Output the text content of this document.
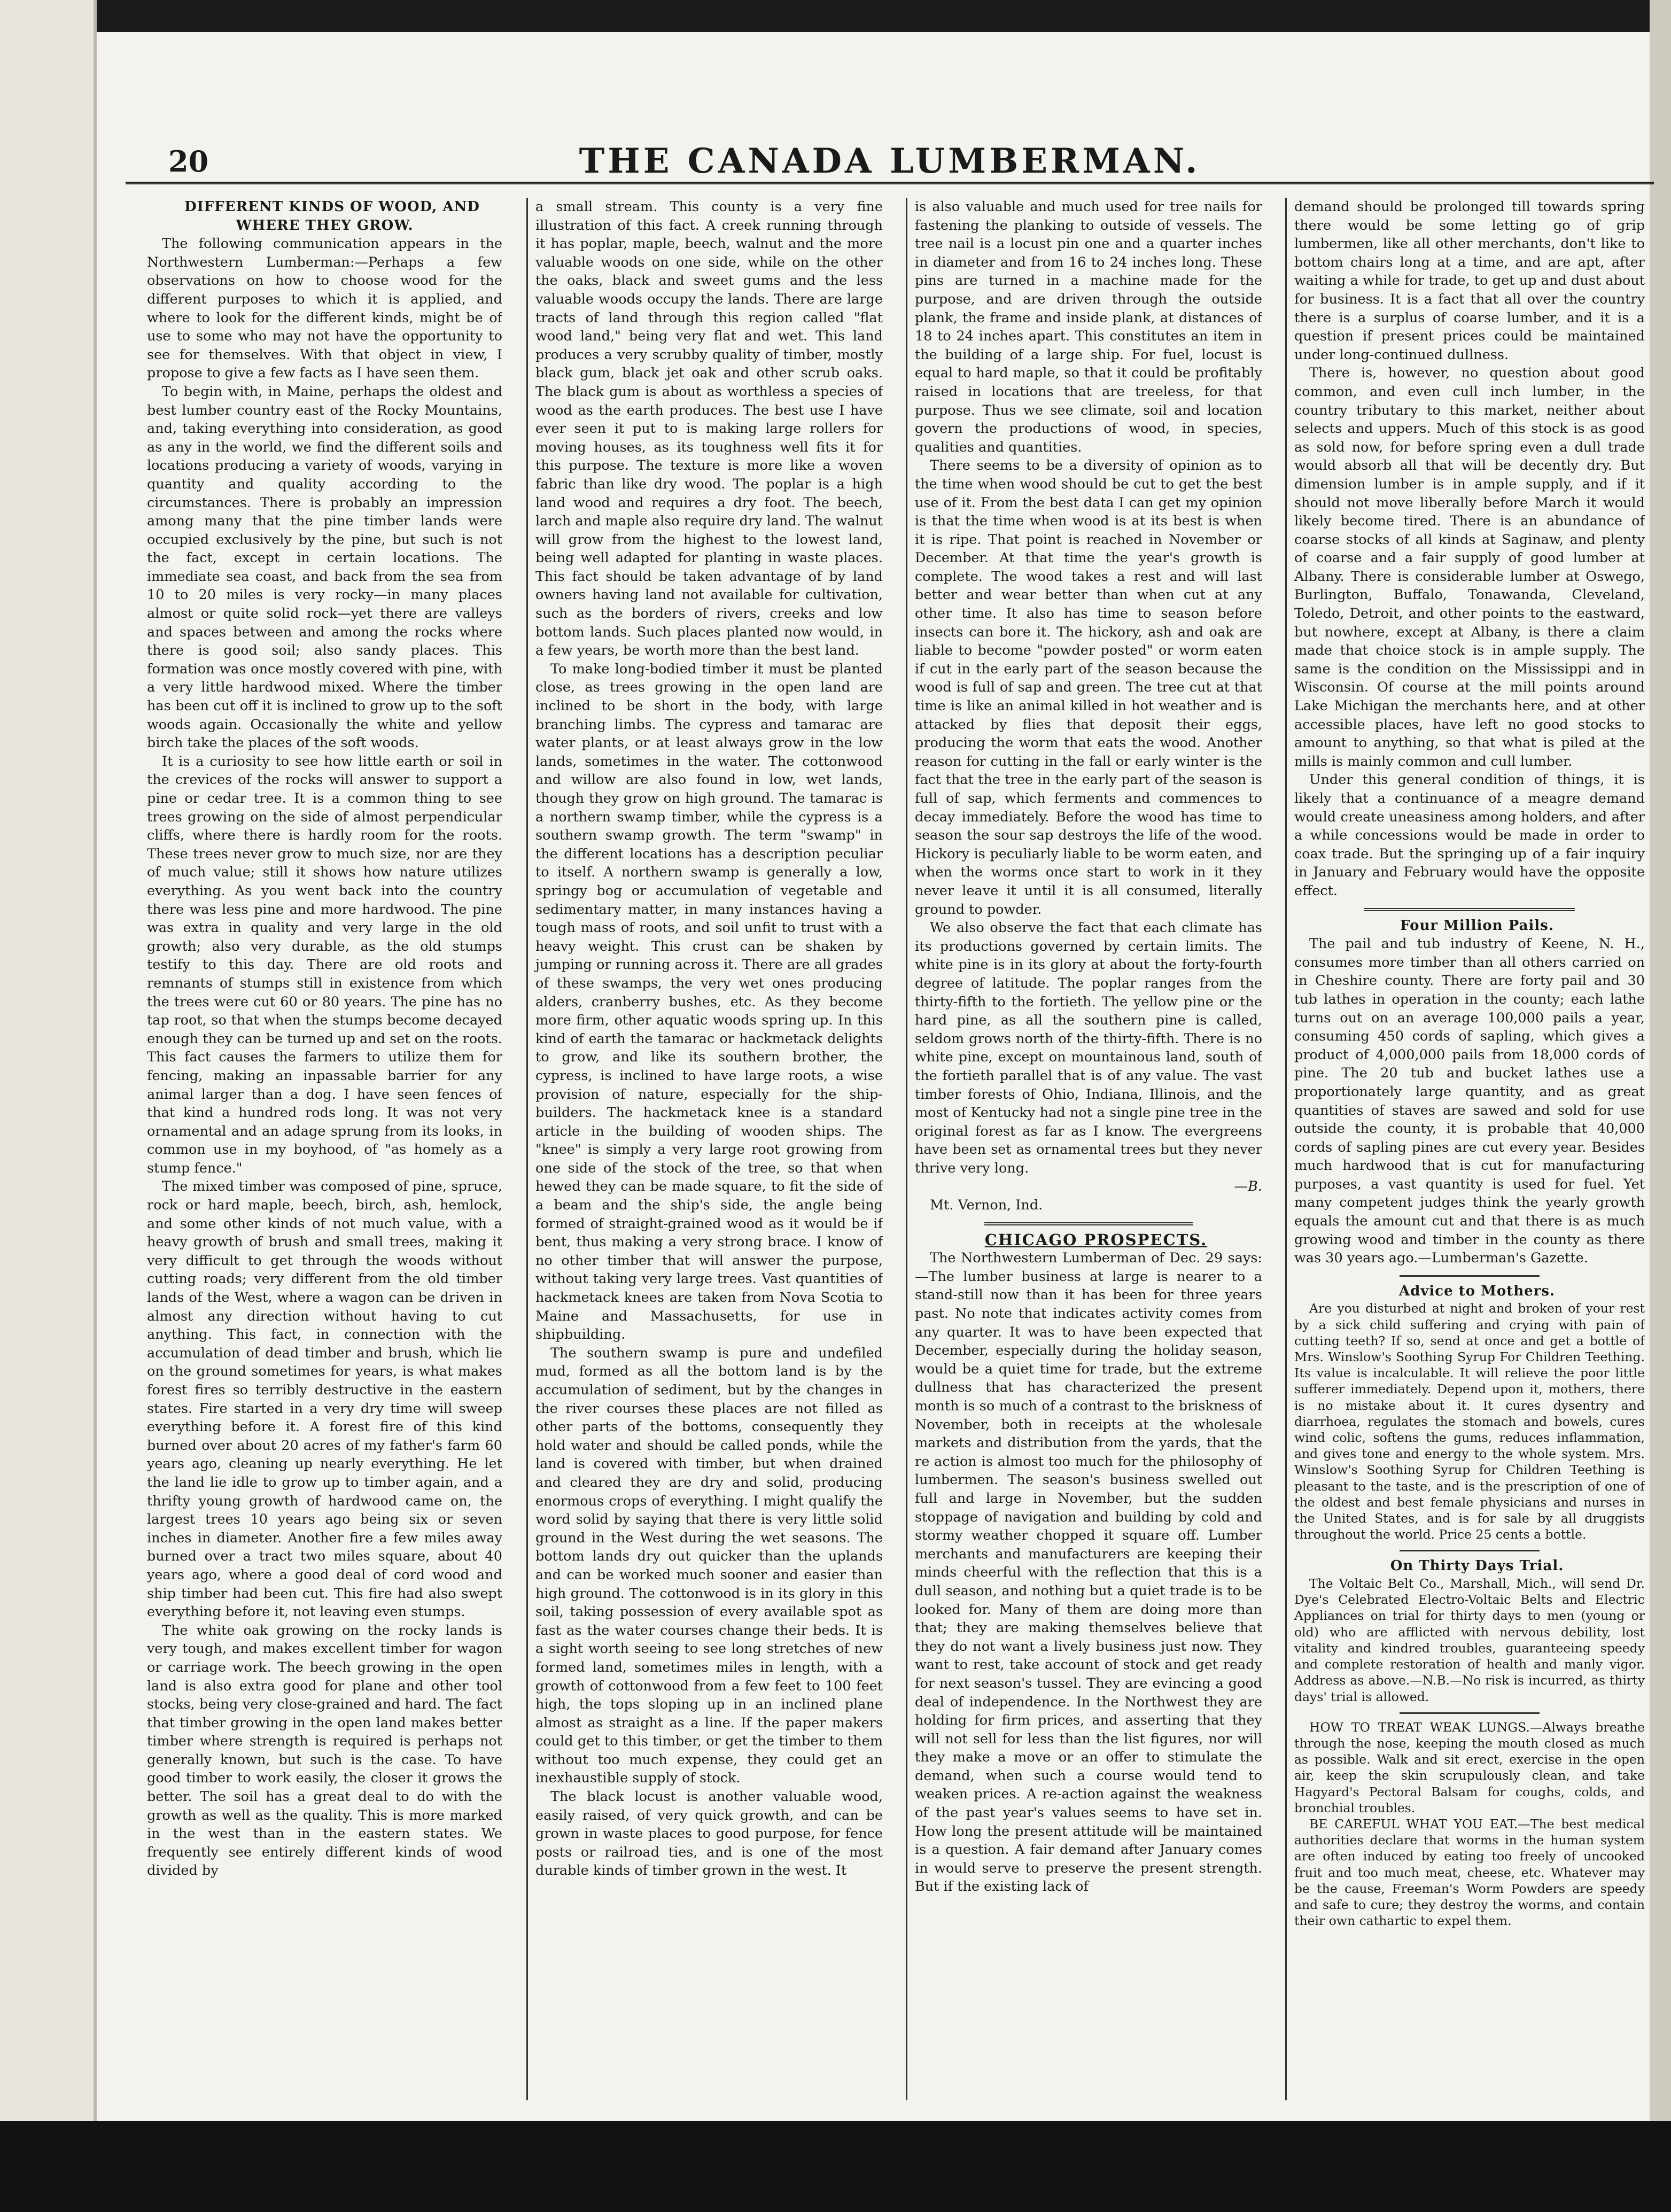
THE CANADA LUMBERMAN.
20

DIFFERENT KINDS OF WOOD, AND WHERE THEY GROW.

The following communication appears in the Northwestern Lumberman:—Perhaps a few observations on how to choose wood for the different purposes to which it is applied, and where to look for the different kinds, might be of use to some who may not have the opportunity to see for themselves. With that object in view, I propose to give a few facts as I have seen them.

To begin with, in Maine, perhaps the oldest and best lumber country east of the Rocky Mountains, and, taking everything into consideration, as good as any in the world, we find the different soils and locations producing a variety of woods, varying in quantity and quality according to the circumstances. There is probably an impression among many that the pine timber lands were occupied exclusively by the pine, but such is not the fact, except in certain locations. The immediate sea coast, and back from the sea from 10 to 20 miles is very rocky—in many places almost or quite solid rock—yet there are valleys and spaces between and among the rocks where there is good soil; also sandy places. This formation was once mostly covered with pine, with a very little hardwood mixed. Where the timber has been cut off it is inclined to grow up to the soft woods again. Occasionally the white and yellow birch take the places of the soft woods.

It is a curiosity to see how little earth or soil in the crevices of the rocks will answer to support a pine or cedar tree. It is a common thing to see trees growing on the side of almost perpendicular cliffs, where there is hardly room for the roots. These trees never grow to much size, nor are they of much value; still it shows how nature utilizes everything. As you went back into the country there was less pine and more hardwood. The pine was extra in quality and very large in the old growth; also very durable, as the old stumps testify to this day. There are old roots and remnants of stumps still in existence from which the trees were cut 60 or 80 years. The pine has no tap root, so that when the stumps become decayed enough they can be turned up and set on the roots. This fact causes the farmers to utilize them for fencing, making an inpassable barrier for any animal larger than a dog. I have seen fences of that kind a hundred rods long. It was not very ornamental and an adage sprung from its looks, in common use in my boyhood, of "as homely as a stump fence."

The mixed timber was composed of pine, spruce, rock or hard maple, beech, birch, ash, hemlock, and some other kinds of not much value, with a heavy growth of brush and small trees, making it very difficult to get through the woods without cutting roads; very different from the old timber lands of the West, where a wagon can be driven in almost any direction without having to cut anything. This fact, in connection with the accumulation of dead timber and brush, which lie on the ground sometimes for years, is what makes forest fires so terribly destructive in the eastern states. Fire started in a very dry time will sweep everything before it. A forest fire of this kind burned over about 20 acres of my father's farm 60 years ago, cleaning up nearly everything. He let the land lie idle to grow up to timber again, and a thrifty young growth of hardwood came on, the largest trees 10 years ago being six or seven inches in diameter. Another fire a few miles away burned over a tract two miles square, about 40 years ago, where a good deal of cord wood and ship timber had been cut. This fire had also swept everything before it, not leaving even stumps.

The white oak growing on the rocky lands is very tough, and makes excellent timber for wagon or carriage work. The beech growing in the open land is also extra good for plane and other tool stocks, being very close-grained and hard. The fact that timber growing in the open land makes better timber where strength is required is perhaps not generally known, but such is the case. To have good timber to work easily, the closer it grows the better. The soil has a great deal to do with the growth as well as the quality. This is more marked in the west than in the eastern states. We frequently see entirely different kinds of wood divided by

a small stream. This county is a very fine illustration of this fact. A creek running through it has poplar, maple, beech, walnut and the more valuable woods on one side, while on the other the oaks, black and sweet gums and the less valuable woods occupy the lands. There are large tracts of land through this region called "flat wood land," being very flat and wet. This land produces a very scrubby quality of timber, mostly black gum, black jet oak and other scrub oaks. The black gum is about as worthless a species of wood as the earth produces. The best use I have ever seen it put to is making large rollers for moving houses, as its toughness well fits it for this purpose. The texture is more like a woven fabric than like dry wood. The poplar is a high land wood and requires a dry foot. The beech, larch and maple also require dry land. The walnut will grow from the highest to the lowest land, being well adapted for planting in waste places. This fact should be taken advantage of by land owners having land not available for cultivation, such as the borders of rivers, creeks and low bottom lands. Such places planted now would, in a few years, be worth more than the best land.

To make long-bodied timber it must be planted close, as trees growing in the open land are inclined to be short in the body, with large branching limbs. The cypress and tamarac are water plants, or at least always grow in the low lands, sometimes in the water. The cottonwood and willow are also found in low, wet lands, though they grow on high ground. The tamarac is a northern swamp timber, while the cypress is a southern swamp growth. The term "swamp" in the different locations has a description peculiar to itself. A northern swamp is generally a low, springy bog or accumulation of vegetable and sedimentary matter, in many instances having a tough mass of roots, and soil unfit to trust with a heavy weight. This crust can be shaken by jumping or running across it. There are all grades of these swamps, the very wet ones producing alders, cranberry bushes, etc. As they become more firm, other aquatic woods spring up. In this kind of earth the tamarac or hackmetack delights to grow, and like its southern brother, the cypress, is inclined to have large roots, a wise provision of nature, especially for the ship-builders. The hackmetack knee is a standard article in the building of wooden ships. The "knee" is simply a very large root growing from one side of the stock of the tree, so that when hewed they can be made square, to fit the side of a beam and the ship's side, the angle being formed of straight-grained wood as it would be if bent, thus making a very strong brace. I know of no other timber that will answer the purpose, without taking very large trees. Vast quantities of hackmetack knees are taken from Nova Scotia to Maine and Massachusetts, for use in shipbuilding.

The southern swamp is pure and undefiled mud, formed as all the bottom land is by the accumulation of sediment, but by the changes in the river courses these places are not filled as other parts of the bottoms, consequently they hold water and should be called ponds, while the land is covered with timber, but when drained and cleared they are dry and solid, producing enormous crops of everything. I might qualify the word solid by saying that there is very little solid ground in the West during the wet seasons. The bottom lands dry out quicker than the uplands and can be worked much sooner and easier than high ground. The cottonwood is in its glory in this soil, taking possession of every available spot as fast as the water courses change their beds. It is a sight worth seeing to see long stretches of new formed land, sometimes miles in length, with a growth of cottonwood from a few feet to 100 feet high, the tops sloping up in an inclined plane almost as straight as a line. If the paper makers could get to this timber, or get the timber to them without too much expense, they could get an inexhaustible supply of stock.

The black locust is another valuable wood, easily raised, of very quick growth, and can be grown in waste places to good purpose, for fence posts or railroad ties, and is one of the most durable kinds of timber grown in the west. It

is also valuable and much used for tree nails for fastening the planking to outside of vessels. The tree nail is a locust pin one and a quarter inches in diameter and from 16 to 24 inches long. These pins are turned in a machine made for the purpose, and are driven through the outside plank, the frame and inside plank, at distances of 18 to 24 inches apart. This constitutes an item in the building of a large ship. For fuel, locust is equal to hard maple, so that it could be profitably raised in locations that are treeless, for that purpose. Thus we see climate, soil and location govern the productions of wood, in species, qualities and quantities.

There seems to be a diversity of opinion as to the time when wood should be cut to get the best use of it. From the best data I can get my opinion is that the time when wood is at its best is when it is ripe. That point is reached in November or December. At that time the year's growth is complete. The wood takes a rest and will last better and wear better than when cut at any other time. It also has time to season before insects can bore it. The hickory, ash and oak are liable to become "powder posted" or worm eaten if cut in the early part of the season because the wood is full of sap and green. The tree cut at that time is like an animal killed in hot weather and is attacked by flies that deposit their eggs, producing the worm that eats the wood. Another reason for cutting in the fall or early winter is the fact that the tree in the early part of the season is full of sap, which ferments and commences to decay immediately. Before the wood has time to season the sour sap destroys the life of the wood. Hickory is peculiarly liable to be worm eaten, and when the worms once start to work in it they never leave it until it is all consumed, literally ground to powder.

We also observe the fact that each climate has its productions governed by certain limits. The white pine is in its glory at about the forty-fourth degree of latitude. The poplar ranges from the thirty-fifth to the fortieth. The yellow pine or the hard pine, as all the southern pine is called, seldom grows north of the thirty-fifth. There is no white pine, except on mountainous land, south of the fortieth parallel that is of any value. The vast timber forests of Ohio, Indiana, Illinois, and the most of Kentucky had not a single pine tree in the original forest as far as I know. The evergreens have been set as ornamental trees but they never thrive very long.

—B.

Mt. Vernon, Ind.

CHICAGO PROSPECTS.

The Northwestern Lumberman of Dec. 29 says:—The lumber business at large is nearer to a stand-still now than it has been for three years past. No note that indicates activity comes from any quarter. It was to have been expected that December, especially during the holiday season, would be a quiet time for trade, but the extreme dullness that has characterized the present month is so much of a contrast to the briskness of November, both in receipts at the wholesale markets and distribution from the yards, that the re action is almost too much for the philosophy of lumbermen. The season's business swelled out full and large in November, but the sudden stoppage of navigation and building by cold and stormy weather chopped it square off. Lumber merchants and manufacturers are keeping their minds cheerful with the reflection that this is a dull season, and nothing but a quiet trade is to be looked for. Many of them are doing more than that; they are making themselves believe that they do not want a lively business just now. They want to rest, take account of stock and get ready for next season's tussel. They are evincing a good deal of independence. In the Northwest they are holding for firm prices, and asserting that they will not sell for less than the list figures, nor will they make a move or an offer to stimulate the demand, when such a course would tend to weaken prices. A re-action against the weakness of the past year's values seems to have set in. How long the present attitude will be maintained is a question. A fair demand after January comes in would serve to preserve the present strength. But if the existing lack of

demand should be prolonged till towards spring there would be some letting go of grip lumbermen, like all other merchants, don't like to bottom chairs long at a time, and are apt, after waiting a while for trade, to get up and dust about for business. It is a fact that all over the country there is a surplus of coarse lumber, and it is a question if present prices could be maintained under long-continued dullness.

There is, however, no question about good common, and even cull inch lumber, in the country tributary to this market, neither about selects and uppers. Much of this stock is as good as sold now, for before spring even a dull trade would absorb all that will be decently dry. But dimension lumber is in ample supply, and if it should not move liberally before March it would likely become tired. There is an abundance of coarse stocks of all kinds at Saginaw, and plenty of coarse and a fair supply of good lumber at Albany. There is considerable lumber at Oswego, Burlington, Buffalo, Tonawanda, Cleveland, Toledo, Detroit, and other points to the eastward, but nowhere, except at Albany, is there a claim made that choice stock is in ample supply. The same is the condition on the Mississippi and in Wisconsin. Of course at the mill points around Lake Michigan the merchants here, and at other accessible places, have left no good stocks to amount to anything, so that what is piled at the mills is mainly common and cull lumber.

Under this general condition of things, it is likely that a continuance of a meagre demand would create uneasiness among holders, and after a while concessions would be made in order to coax trade. But the springing up of a fair inquiry in January and February would have the opposite effect.

Four Million Pails.

The pail and tub industry of Keene, N. H., consumes more timber than all others carried on in Cheshire county. There are forty pail and 30 tub lathes in operation in the county; each lathe turns out on an average 100,000 pails a year, consuming 450 cords of sapling, which gives a product of 4,000,000 pails from 18,000 cords of pine. The 20 tub and bucket lathes use a proportionately large quantity, and as great quantities of staves are sawed and sold for use outside the county, it is probable that 40,000 cords of sapling pines are cut every year. Besides much hardwood that is cut for manufacturing purposes, a vast quantity is used for fuel. Yet many competent judges think the yearly growth equals the amount cut and that there is as much growing wood and timber in the county as there was 30 years ago.—Lumberman's Gazette.

Advice to Mothers.

Are you disturbed at night and broken of your rest by a sick child suffering and crying with pain of cutting teeth? If so, send at once and get a bottle of Mrs. Winslow's Soothing Syrup For Children Teething. Its value is incalculable. It will relieve the poor little sufferer immediately. Depend upon it, mothers, there is no mistake about it. It cures dysentry and diarrhoea, regulates the stomach and bowels, cures wind colic, softens the gums, reduces inflammation, and gives tone and energy to the whole system. Mrs. Winslow's Soothing Syrup for Children Teething is pleasant to the taste, and is the prescription of one of the oldest and best female physicians and nurses in the United States, and is for sale by all druggists throughout the world. Price 25 cents a bottle.

On Thirty Days Trial.

The Voltaic Belt Co., Marshall, Mich., will send Dr. Dye's Celebrated Electro-Voltaic Belts and Electric Appliances on trial for thirty days to men (young or old) who are afflicted with nervous debility, lost vitality and kindred troubles, guaranteeing speedy and complete restoration of health and manly vigor. Address as above.—N.B.—No risk is incurred, as thirty days' trial is allowed.

HOW TO TREAT WEAK LUNGS.—Always breathe through the nose, keeping the mouth closed as much as possible. Walk and sit erect, exercise in the open air, keep the skin scrupulously clean, and take Hagyard's Pectoral Balsam for coughs, colds, and bronchial troubles.

BE CAREFUL WHAT YOU EAT.—The best medical authorities declare that worms in the human system are often induced by eating too freely of uncooked fruit and too much meat, cheese, etc. Whatever may be the cause, Freeman's Worm Powders are speedy and safe to cure; they destroy the worms, and contain their own cathartic to expel them.
